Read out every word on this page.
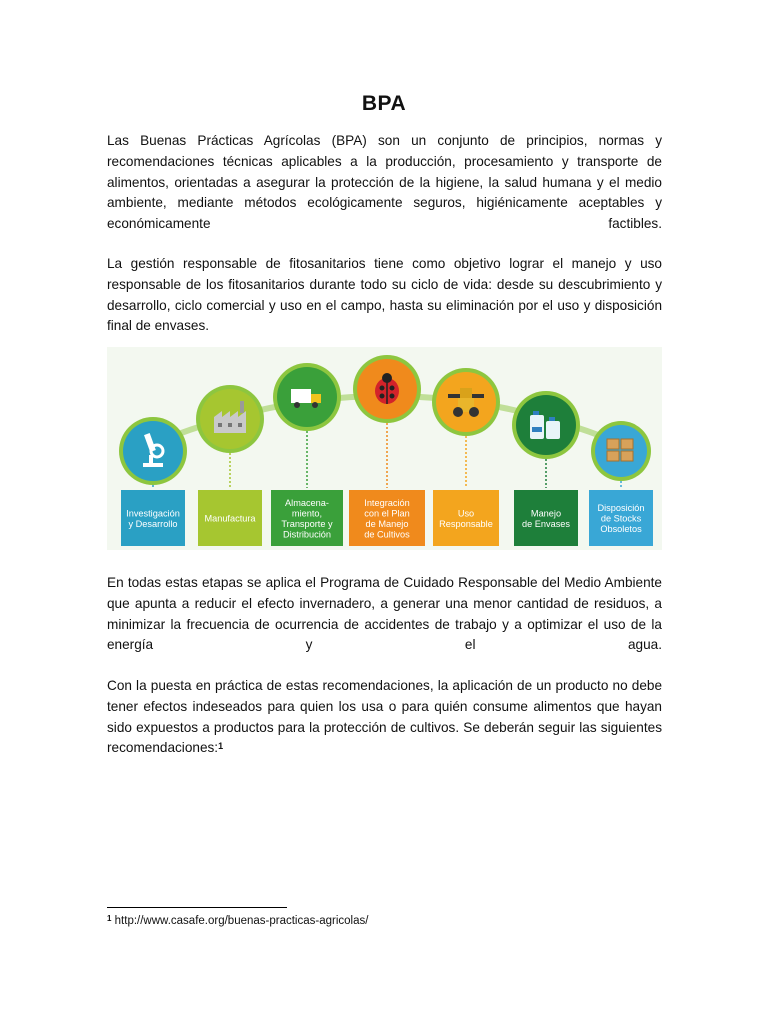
BPA
Las Buenas Prácticas Agrícolas (BPA) son un conjunto de principios, normas y recomendaciones técnicas aplicables a la producción, procesamiento y transporte de alimentos, orientadas a asegurar la protección de la higiene, la salud humana y el medio ambiente, mediante métodos ecológicamente seguros, higiénicamente aceptables y económicamente factibles.
La gestión responsable de fitosanitarios tiene como objetivo lograr el manejo y uso responsable de los fitosanitarios durante todo su ciclo de vida: desde su descubrimiento y desarrollo, ciclo comercial y uso en el campo, hasta su eliminación por el uso y disposición final de envases.
Investigación y Desarrollo
Manufactura
Almacena-miento, Transporte y Distribución
Integración con el Plan de Manejo de Cultivos
Uso Responsable
Manejo de Envases
Disposición de Stocks Obsoletos
En todas estas etapas se aplica el Programa de Cuidado Responsable del Medio Ambiente que apunta a reducir el efecto invernadero, a generar una menor cantidad de residuos, a minimizar la frecuencia de ocurrencia de accidentes de trabajo y a optimizar el uso de la energía y el agua.
Con la puesta en práctica de estas recomendaciones, la aplicación de un producto no debe tener efectos indeseados para quien los usa o para quién consume alimentos que hayan sido expuestos a productos para la protección de cultivos. Se deberán seguir las siguientes recomendaciones:$^1$
$^1$ http://www.casafe.org/buenas-practicas-agricolas/
